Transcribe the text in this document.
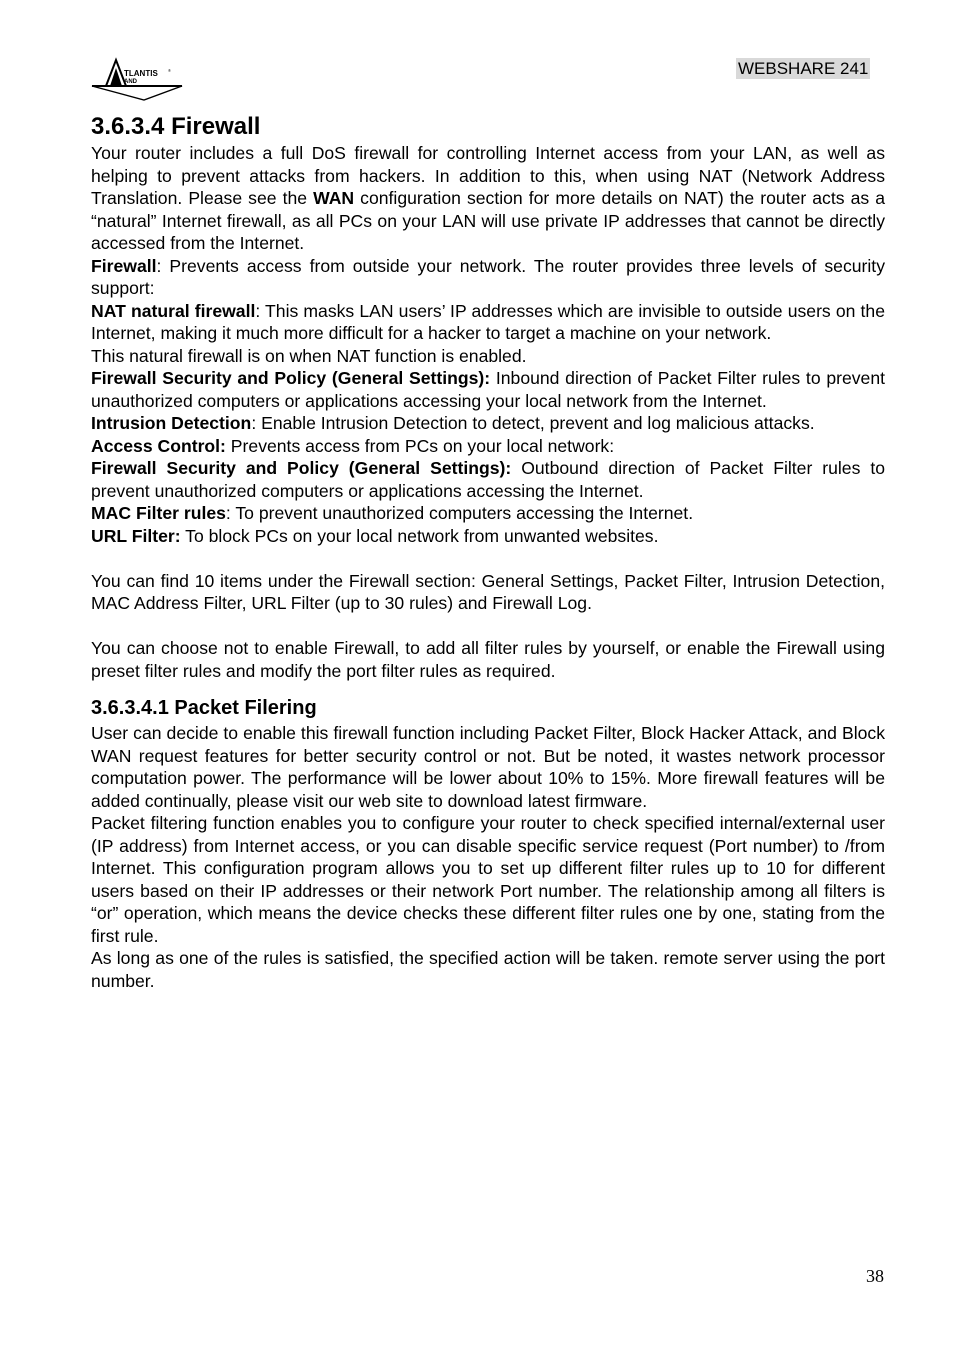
TLANTIS
AND
®	WEBSHARE 241
3.6.3.4 Firewall

Your router includes a full DoS firewall for controlling Internet access from your LAN, as well as helping to prevent attacks from hackers. In addition to this, when using NAT (Network Address Translation. Please see the WAN configuration section for more details on NAT) the router acts as a “natural” Internet firewall, as all PCs on your LAN will use private IP addresses that cannot be directly accessed from the Internet.

Firewall: Prevents access from outside your network. The router provides three levels of security support:

NAT natural firewall: This masks LAN users’ IP addresses which are invisible to outside users on the Internet, making it much more difficult for a hacker to target a machine on your network.

This natural firewall is on when NAT function is enabled.

Firewall Security and Policy (General Settings): Inbound direction of Packet Filter rules to prevent unauthorized computers or applications accessing your local network from the Internet.

Intrusion Detection: Enable Intrusion Detection to detect, prevent and log malicious attacks.

Access Control: Prevents access from PCs on your local network:

Firewall Security and Policy (General Settings): Outbound direction of Packet Filter rules to prevent unauthorized computers or applications accessing the Internet.

MAC Filter rules: To prevent unauthorized computers accessing the Internet.

URL Filter: To block PCs on your local network from unwanted websites.

You can find 10 items under the Firewall section: General Settings, Packet Filter, Intrusion Detection, MAC Address Filter, URL Filter (up to 30 rules) and Firewall Log.

You can choose not to enable Firewall, to add all filter rules by yourself, or enable the Firewall using preset filter rules and modify the port filter rules as required.

3.6.3.4.1 Packet Filering

User can decide to enable this firewall function including Packet Filter, Block Hacker Attack, and Block WAN request features for better security control or not. But be noted, it wastes network processor computation power. The performance will be lower about 10% to 15%. More firewall features will be added continually, please visit our web site to download latest firmware.

Packet filtering function enables you to configure your router to check specified internal/external user (IP address) from Internet access, or you can disable specific service request (Port number) to /from Internet. This configuration program allows you to set up different filter rules up to 10 for different users based on their IP addresses or their network Port number. The relationship among all filters is “or” operation, which means the device checks these different filter rules one by one, stating from the first rule.

As long as one of the rules is satisfied, the specified action will be taken. remote server using the port number.

38
